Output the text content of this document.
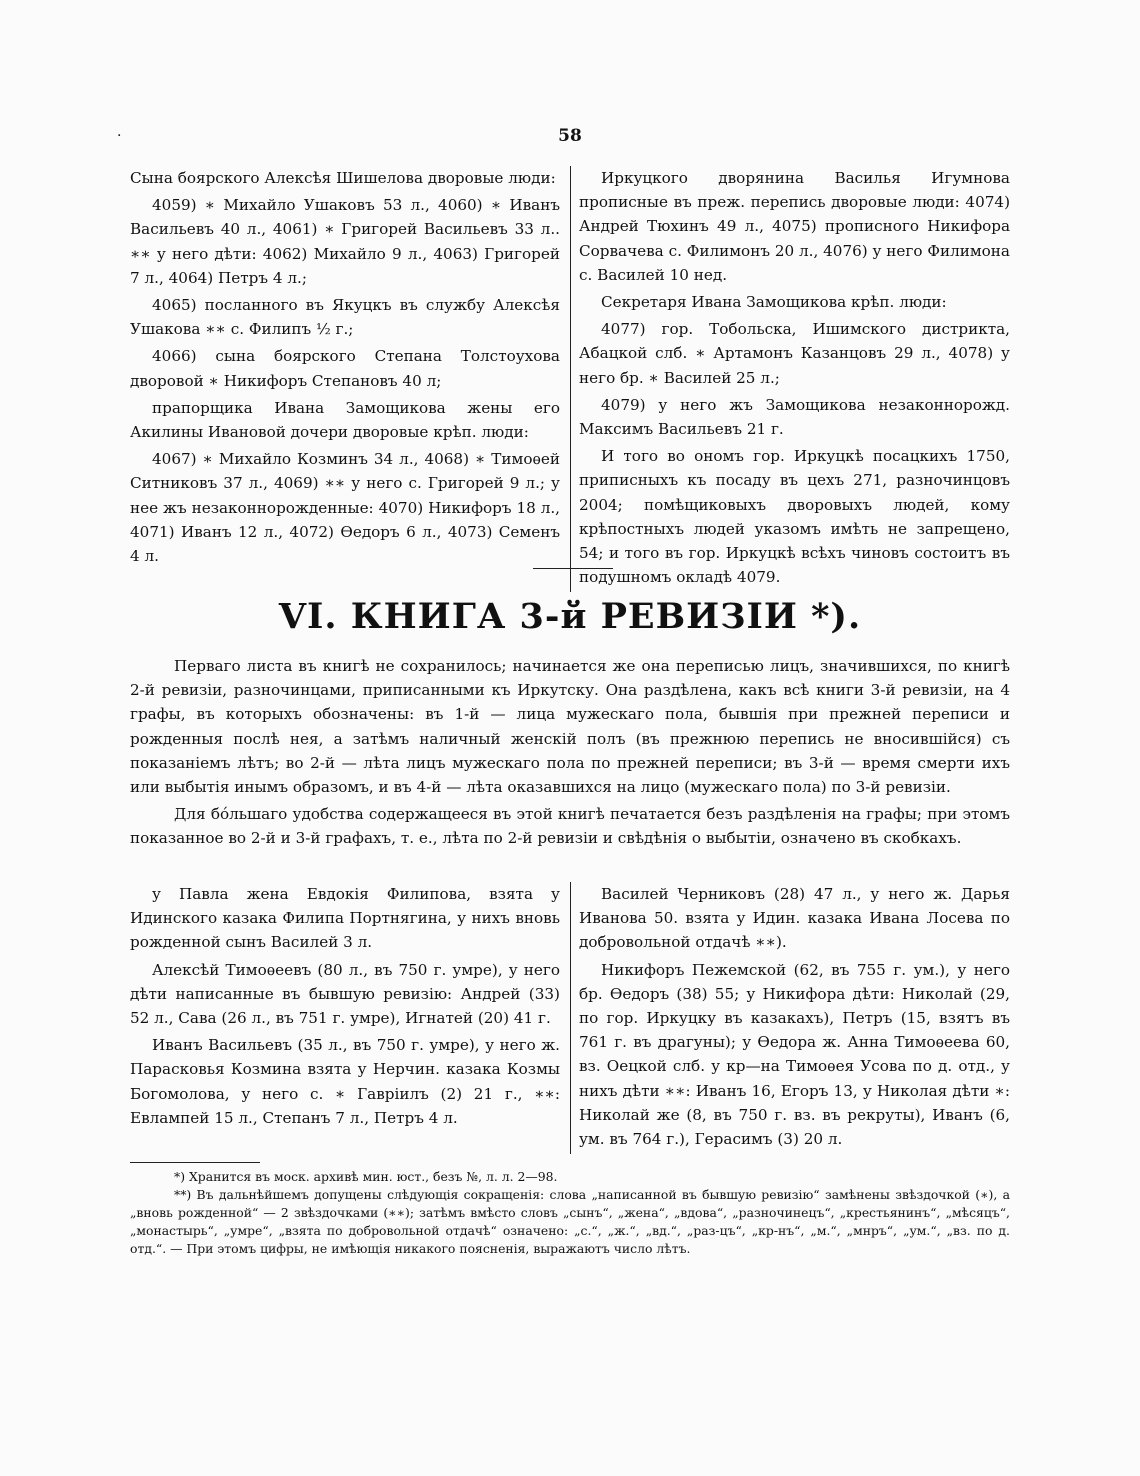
·	58

Сына боярского Алексѣя Шишелова дворовые люди:

4059) ∗ Михайло Ушаковъ 53 л., 4060) ∗ Иванъ Васильевъ 40 л., 4061) ∗ Григорей Васильевъ 33 л.. ∗∗ у него дѣти: 4062) Михайло 9 л., 4063) Григорей 7 л., 4064) Петръ 4 л.;

4065) посланного въ Якуцкъ въ службу Алексѣя Ушакова ∗∗ с. Филипъ ½ г.;

4066) сына боярского Степана Толстоухова дворовой ∗ Никифоръ Степановъ 40 л;

прапорщика Ивана Замощикова жены его Акилины Ивановой дочери дворовые крѣп. люди:

4067) ∗ Михайло Козминъ 34 л., 4068) ∗ Тимоѳей Ситниковъ 37 л., 4069) ∗∗ у него с. Григорей 9 л.; у нее жъ незаконнорожденные: 4070) Никифоръ 18 л., 4071) Иванъ 12 л., 4072) Ѳедоръ 6 л., 4073) Семенъ 4 л.

Иркуцкого дворянина Василья Игумнова прописные въ преж. перепись дворовые люди: 4074) Андрей Тюхинъ 49 л., 4075) прописного Никифора Сорвачева с. Филимонъ 20 л., 4076) у него Филимона с. Василей 10 нед.

Секретаря Ивана Замощикова крѣп. люди:

4077) гор. Тобольска, Ишимского дистрикта, Абацкой слб. ∗ Артамонъ Казанцовъ 29 л., 4078) у него бр. ∗ Василей 25 л.;

4079) у него жъ Замощикова незаконнорожд. Максимъ Васильевъ 21 г.

И того во ономъ гор. Иркуцкѣ посацкихъ 1750, приписныхъ къ посаду въ цехъ 271, разночинцовъ 2004; помѣщиковыхъ дворовыхъ людей, кому крѣпостныхъ людей указомъ имѣть не запрещено, 54; и того въ гор. Иркуцкѣ всѣхъ чиновъ состоитъ въ подушномъ окладѣ 4079.

VI. КНИГА 3-й РЕВИЗІИ *).

Перваго листа въ книгѣ не сохранилось; начинается же она переписью лицъ, значившихся, по книгѣ 2-й ревизіи, разночинцами, приписанными къ Иркутску. Она раздѣлена, какъ всѣ книги 3-й ревизіи, на 4 графы, въ которыхъ обозначены: въ 1-й — лица мужескаго пола, бывшія при прежней переписи и рожденныя послѣ нея, а затѣмъ наличный женскій полъ (въ прежнюю перепись не вносившійся) съ показаніемъ лѣтъ; во 2-й — лѣта лицъ мужескаго пола по прежней переписи; въ 3-й — время смерти ихъ или выбытія инымъ образомъ, и въ 4-й — лѣта оказавшихся на лицо (мужескаго пола) по 3-й ревизіи.

Для бо́льшаго удобства содержащееся въ этой книгѣ печатается безъ раздѣленія на графы; при этомъ показанное во 2-й и 3-й графахъ, т. е., лѣта по 2-й ревизіи и свѣдѣнія о выбытіи, означено въ скобкахъ.

у Павла жена Евдокія Филипова, взята у Идинского казака Филипа Портнягина, у нихъ вновь рожденной сынъ Василей 3 л.

Алексѣй Тимоѳеевъ (80 л., въ 750 г. умре), у него дѣти написанные въ бывшую ревизію: Андрей (33) 52 л., Сава (26 л., въ 751 г. умре), Игнатей (20) 41 г.

Иванъ Васильевъ (35 л., въ 750 г. умре), у него ж. Парасковья Козмина взята у Нерчин. казака Козмы Богомолова, у него с. ∗ Гавріилъ (2) 21 г., ∗∗: Евлампей 15 л., Степанъ 7 л., Петръ 4 л.

Василей Черниковъ (28) 47 л., у него ж. Дарья Иванова 50. взята у Идин. казака Ивана Лосева по добровольной отдачѣ ∗∗).

Никифоръ Пежемской (62, въ 755 г. ум.), у него бр. Ѳедоръ (38) 55; у Никифора дѣти: Николай (29, по гор. Иркуцку въ казакахъ), Петръ (15, взятъ въ 761 г. въ драгуны); у Ѳедора ж. Анна Тимоѳеева 60, вз. Оецкой слб. у кр—на Тимоѳея Усова по д. отд., у нихъ дѣти ∗∗: Иванъ 16, Егоръ 13, у Николая дѣти ∗: Николай же (8, въ 750 г. вз. въ рекруты), Иванъ (6, ум. въ 764 г.), Герасимъ (3) 20 л.

*) Хранится въ моск. архивѣ мин. юст., безъ №, л. л. 2—98.

**) Въ дальнѣйшемъ допущены слѣдующія сокращенія: слова „написанной въ бывшую ревизію“ замѣнены звѣздочкой (∗), а „вновь рожденной“ — 2 звѣздочками (∗∗); затѣмъ вмѣсто словъ „сынъ“, „жена“, „вдова“, „разночинецъ“, „крестьянинъ“, „мѣсяцъ“, „монастырь“, „умре“, „взята по добровольной отдачѣ“ означено: „с.“, „ж.“, „вд.“, „раз-цъ“, „кр-нъ“, „м.“, „мнръ“, „ум.“, „вз. по д. отд.“. — При этомъ цифры, не имѣющія никакого поясненія, выражаютъ число лѣтъ.
